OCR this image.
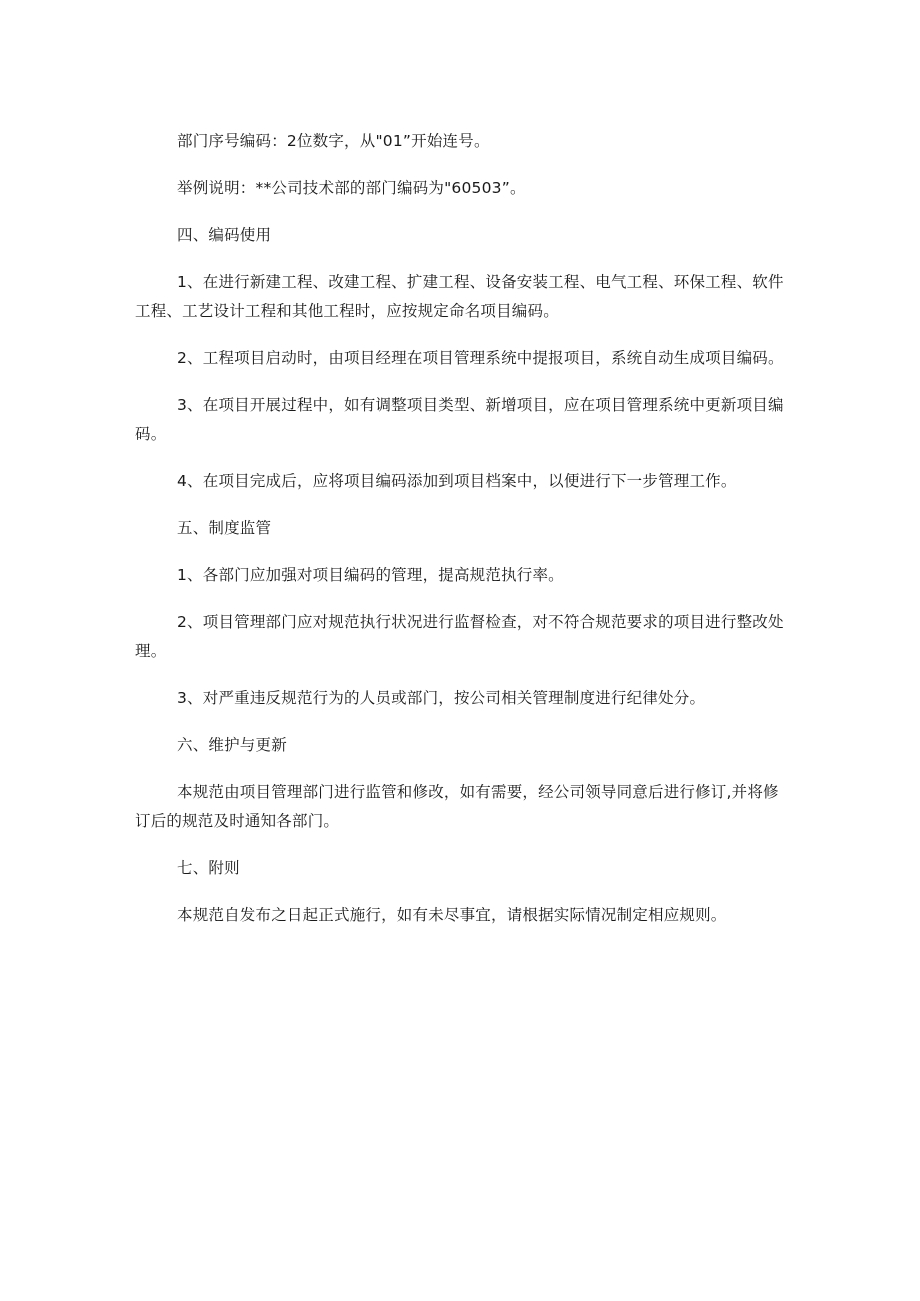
部门序号编码：2位数字，从"01”开始连号。

举例说明：**公司技术部的部门编码为"60503”。

四、编码使用

1、在进行新建工程、改建工程、扩建工程、设备安装工程、电气工程、环保工程、软件工程、工艺设计工程和其他工程时，应按规定命名项目编码。

2、工程项目启动时，由项目经理在项目管理系统中提报项目，系统自动生成项目编码。

3、在项目开展过程中，如有调整项目类型、新增项目，应在项目管理系统中更新项目编码。

4、在项目完成后，应将项目编码添加到项目档案中，以便进行下一步管理工作。

五、制度监管

1、各部门应加强对项目编码的管理，提高规范执行率。

2、项目管理部门应对规范执行状况进行监督检查，对不符合规范要求的项目进行整改处理。

3、对严重违反规范行为的人员或部门，按公司相关管理制度进行纪律处分。

六、维护与更新

本规范由项目管理部门进行监管和修改，如有需要，经公司领导同意后进行修订,并将修订后的规范及时通知各部门。

七、附则

本规范自发布之日起正式施行，如有未尽事宜，请根据实际情况制定相应规则。
